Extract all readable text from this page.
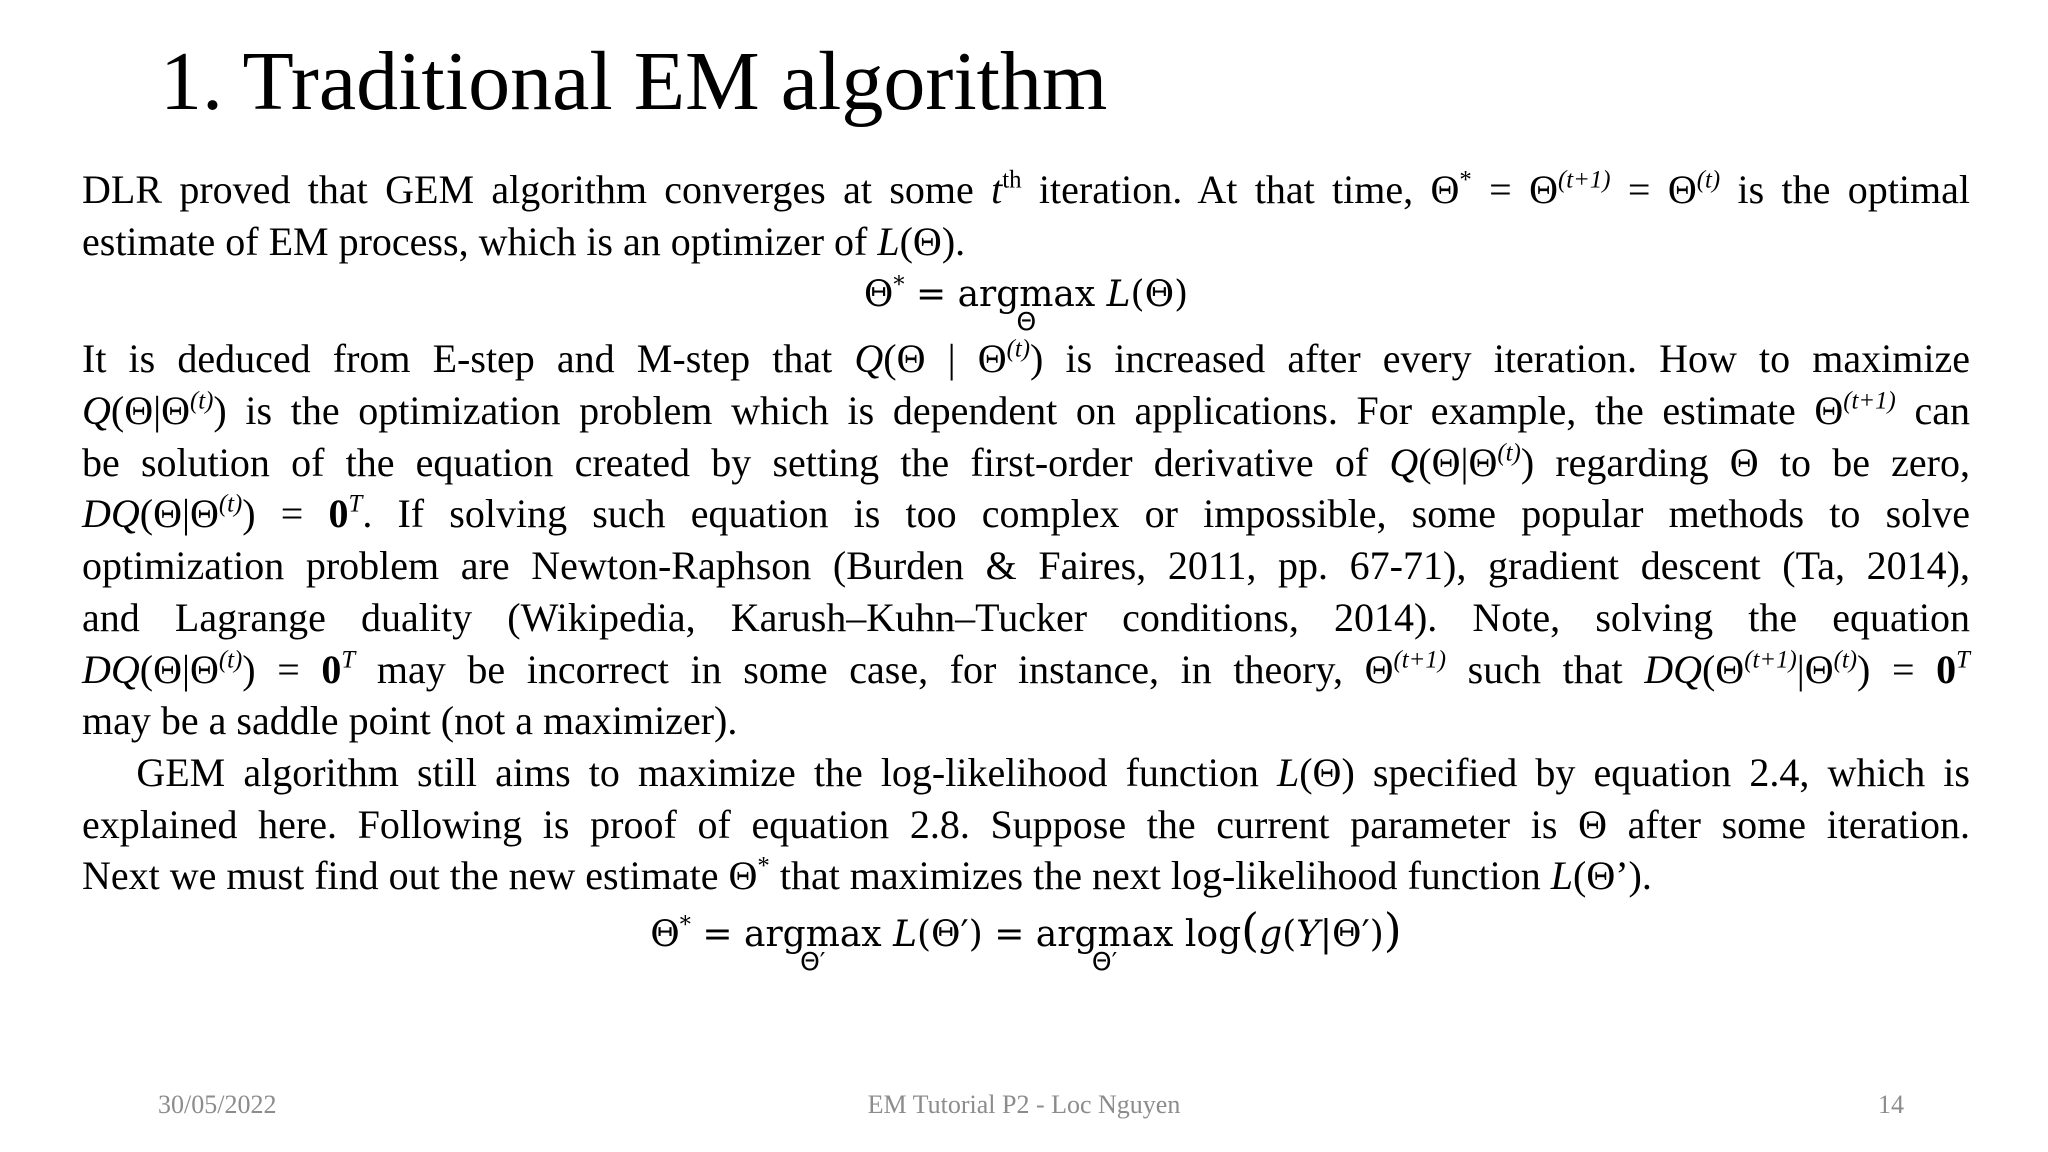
1. Traditional EM algorithm
DLR proved that GEM algorithm converges at some $t^{th}$ iteration. At that time, $\Theta^* = \Theta^{(t+1)} = \Theta^{(t)}$ is the optimal
estimate of EM process, which is an optimizer of L(Θ).
Θ* = argmax
Θ
L(Θ)
It is deduced from E-step and M-step that Q(Θ | $\Theta^{(t)}$) is increased after every iteration. How to maximize
$Q(\Theta|\Theta^{(t)})$ is the optimization problem which is dependent on applications. For example, the estimate $\Theta^{(t+1)}$ can
be solution of the equation created by setting the first-order derivative of $Q(\Theta|\Theta^{(t)})$ regarding Θ to be zero,
$DQ(\Theta|\Theta^{(t)}) = 0^T$. If solving such equation is too complex or impossible, some popular methods to solve
optimization problem are Newton-Raphson (Burden & Faires, 2011, pp. 67-71), gradient descent (Ta, 2014),
and Lagrange duality (Wikipedia, Karush–Kuhn–Tucker conditions, 2014). Note, solving the equation
$DQ(\Theta|\Theta^{(t)}) = 0^T$ may be incorrect in some case, for instance, in theory, $\Theta^{(t+1)}$ such that $DQ(\Theta^{(t+1)}|\Theta^{(t)}) = 0^T$
may be a saddle point (not a maximizer).
GEM algorithm still aims to maximize the log-likelihood function L(Θ) specified by equation 2.4, which is
explained here. Following is proof of equation 2.8. Suppose the current parameter is Θ after some iteration.
Next we must find out the new estimate Θ* that maximizes the next log-likelihood function L(Θ’).
Θ* = argmax
Θ′
L(Θ′) = argmax
Θ′
log(g(Y|Θ′))
30/05/2022	EM Tutorial P2 - Loc Nguyen	14
